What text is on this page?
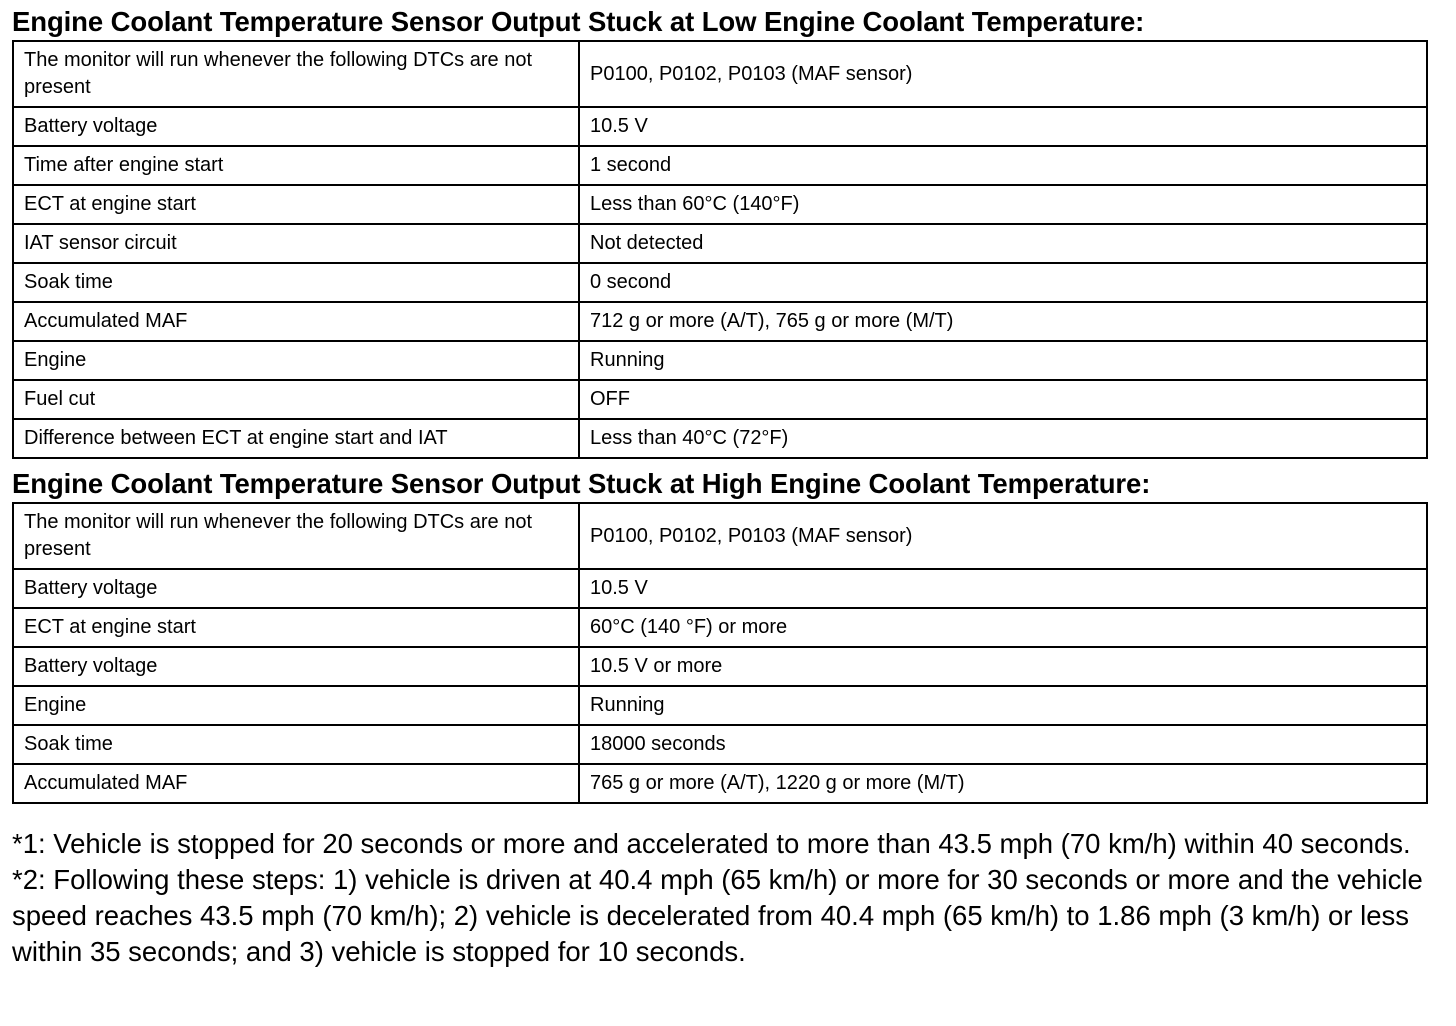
Engine Coolant Temperature Sensor Output Stuck at Low Engine Coolant Temperature:
The monitor will run whenever the following DTCs are not present	P0100, P0102, P0103 (MAF sensor)
Battery voltage	10.5 V
Time after engine start	1 second
ECT at engine start	Less than 60°C (140°F)
IAT sensor circuit	Not detected
Soak time	0 second
Accumulated MAF	712 g or more (A/T), 765 g or more (M/T)
Engine	Running
Fuel cut	OFF
Difference between ECT at engine start and IAT	Less than 40°C (72°F)
Engine Coolant Temperature Sensor Output Stuck at High Engine Coolant Temperature:
The monitor will run whenever the following DTCs are not present	P0100, P0102, P0103 (MAF sensor)
Battery voltage	10.5 V
ECT at engine start	60°C (140 °F) or more
Battery voltage	10.5 V or more
Engine	Running
Soak time	18000 seconds
Accumulated MAF	765 g or more (A/T), 1220 g or more (M/T)

*1: Vehicle is stopped for 20 seconds or more and accelerated to more than 43.5 mph (70 km/h) within 40 seconds.

*2: Following these steps: 1) vehicle is driven at 40.4 mph (65 km/h) or more for 30 seconds or more and the vehicle speed reaches 43.5 mph (70 km/h); 2) vehicle is decelerated from 40.4 mph (65 km/h) to 1.86 mph (3 km/h) or less within 35 seconds; and 3) vehicle is stopped for 10 seconds.
